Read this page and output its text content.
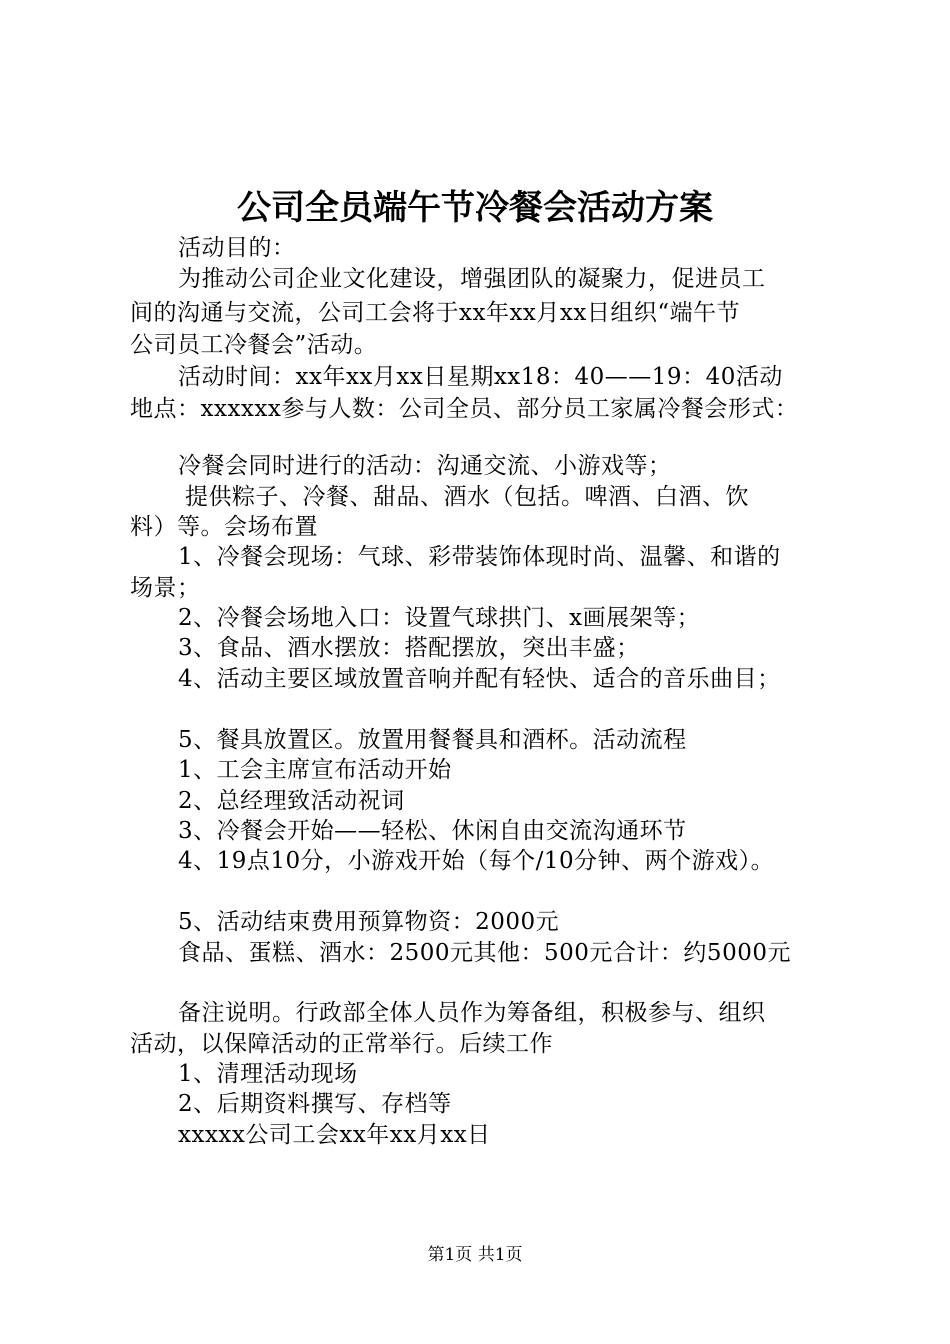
公司全员端午节冷餐会活动方案
活动目的：
为推动公司企业文化建设，增强团队的凝聚力，促进员工
间的沟通与交流，公司工会将于xx年xx月xx日组织“端午节
公司员工冷餐会”活动。
活动时间：xx年xx月xx日星期xx18：40——19：40活动
地点：xxxxxx参与人数：公司全员、部分员工家属冷餐会形式：
冷餐会同时进行的活动：沟通交流、小游戏等；
提供粽子、冷餐、甜品、酒水（包括。啤酒、白酒、饮
料）等。会场布置
1、冷餐会现场：气球、彩带装饰体现时尚、温馨、和谐的
场景；
2、冷餐会场地入口：设置气球拱门、x画展架等；
3、食品、酒水摆放：搭配摆放，突出丰盛；
4、活动主要区域放置音响并配有轻快、适合的音乐曲目；
5、餐具放置区。放置用餐餐具和酒杯。活动流程
1、工会主席宣布活动开始
2、总经理致活动祝词
3、冷餐会开始——轻松、休闲自由交流沟通环节
4、19点10分，小游戏开始（每个/10分钟、两个游戏）。
5、活动结束费用预算物资：2000元
食品、蛋糕、酒水：2500元其他：500元合计：约5000元
备注说明。行政部全体人员作为筹备组，积极参与、组织
活动，以保障活动的正常举行。后续工作
1、清理活动现场
2、后期资料撰写、存档等
xxxxx公司工会xx年xx月xx日
第1页 共1页
